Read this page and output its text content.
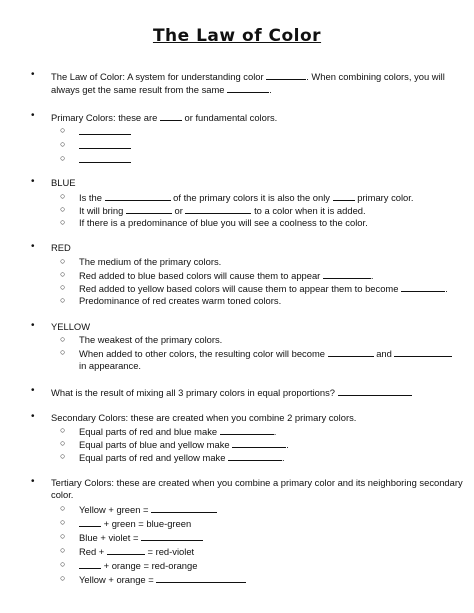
The Law of Color
• The Law of Color: A system for understanding color	. When combining colors, you will
always get the same result from the same	.
• Primary Colors: these are	or fundamental colors.
○
○
○
• BLUE
○ Is the	of the primary colors it is also the only	primary color.
○ It will bring	or	to a color when it is added.
○ If there is a predominance of blue you will see a coolness to the color.
• RED
○ The medium of the primary colors.
○ Red added to blue based colors will cause them to appear	.
○ Red added to yellow based colors will cause them to appear them to become	.
○ Predominance of red creates warm toned colors.
• YELLOW
○ The weakest of the primary colors.
○ When added to other colors, the resulting color will become	and
in appearance.
• What is the result of mixing all 3 primary colors in equal proportions?
• Secondary Colors: these are created when you combine 2 primary colors.
○ Equal parts of red and blue make	.
○ Equal parts of blue and yellow make	.
○ Equal parts of red and yellow make	.
• Tertiary Colors: these are created when you combine a primary color and its neighboring secondary
color.
○ Yellow + green =
○	+ green = blue-green
○ Blue + violet =
○ Red +	= red-violet
○	+ orange = red-orange
○ Yellow + orange =
